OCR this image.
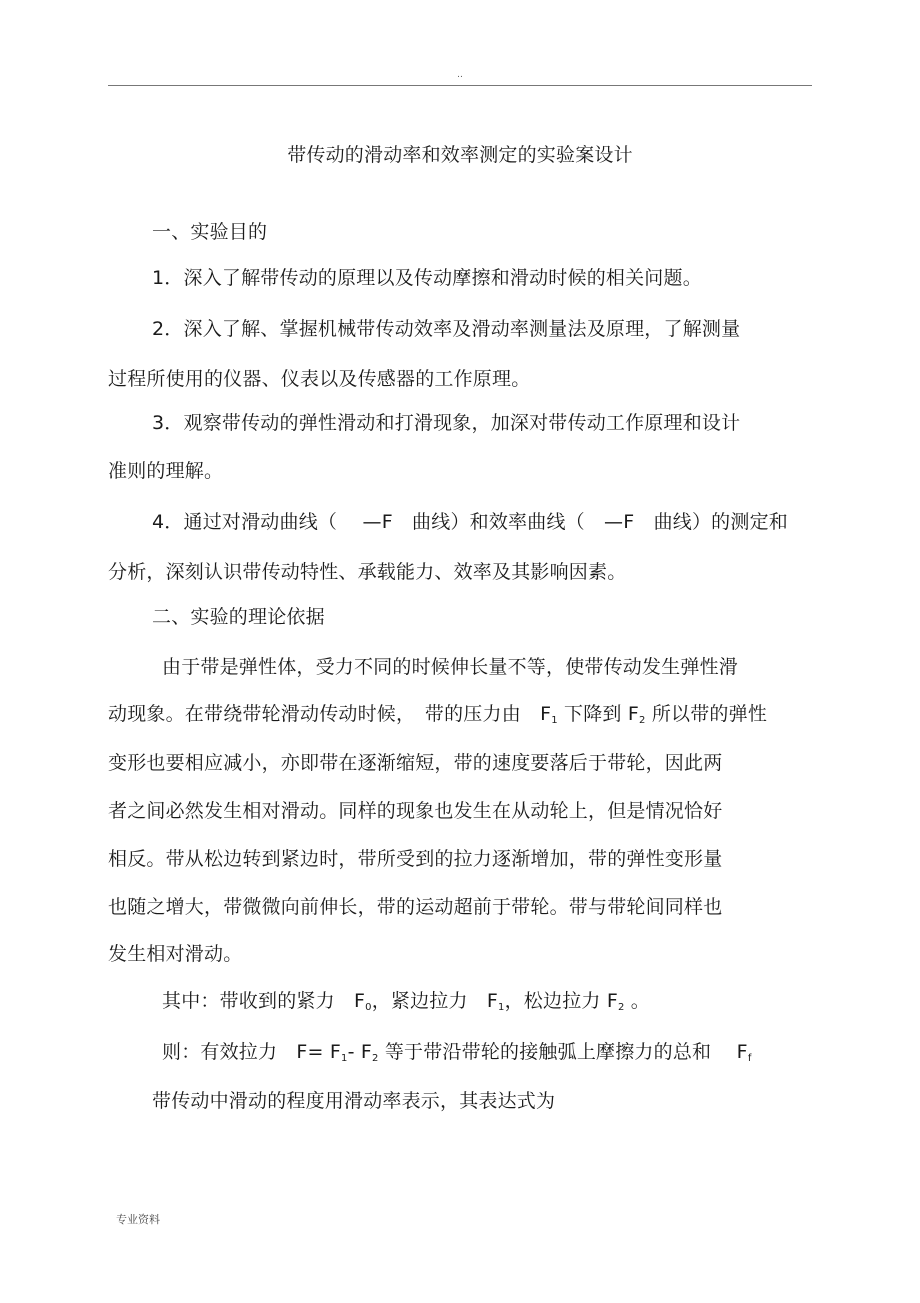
..
带传动的滑动率和效率测定的实验案设计
一、实验目的
1．深入了解带传动的原理以及传动摩擦和滑动时候的相关问题。
2．深入了解、掌握机械带传动效率及滑动率测量法及原理，了解测量
过程所使用的仪器、仪表以及传感器的工作原理。
3．观察带传动的弹性滑动和打滑现象，加深对带传动工作原理和设计
准则的理解。
4．通过对滑动曲线（　 —F　曲线）和效率曲线（　—F　曲线）的测定和
分析，深刻认识带传动特性、承载能力、效率及其影响因素。
二、实验的理论依据
由于带是弹性体，受力不同的时候伸长量不等，使带传动发生弹性滑
动现象。在带绕带轮滑动传动时候，　带的压力由　F1 下降到 F2 所以带的弹性
变形也要相应减小，亦即带在逐渐缩短，带的速度要落后于带轮，因此两
者之间必然发生相对滑动。同样的现象也发生在从动轮上，但是情况恰好
相反。带从松边转到紧边时，带所受到的拉力逐渐增加，带的弹性变形量
也随之增大，带微微向前伸长，带的运动超前于带轮。带与带轮间同样也
发生相对滑动。
其中：带收到的紧力　F0，紧边拉力　F1，松边拉力 F2 。
则：有效拉力　F= F1- F2 等于带沿带轮的接触弧上摩擦力的总和　 Ff
带传动中滑动的程度用滑动率表示，其表达式为
专业资料
